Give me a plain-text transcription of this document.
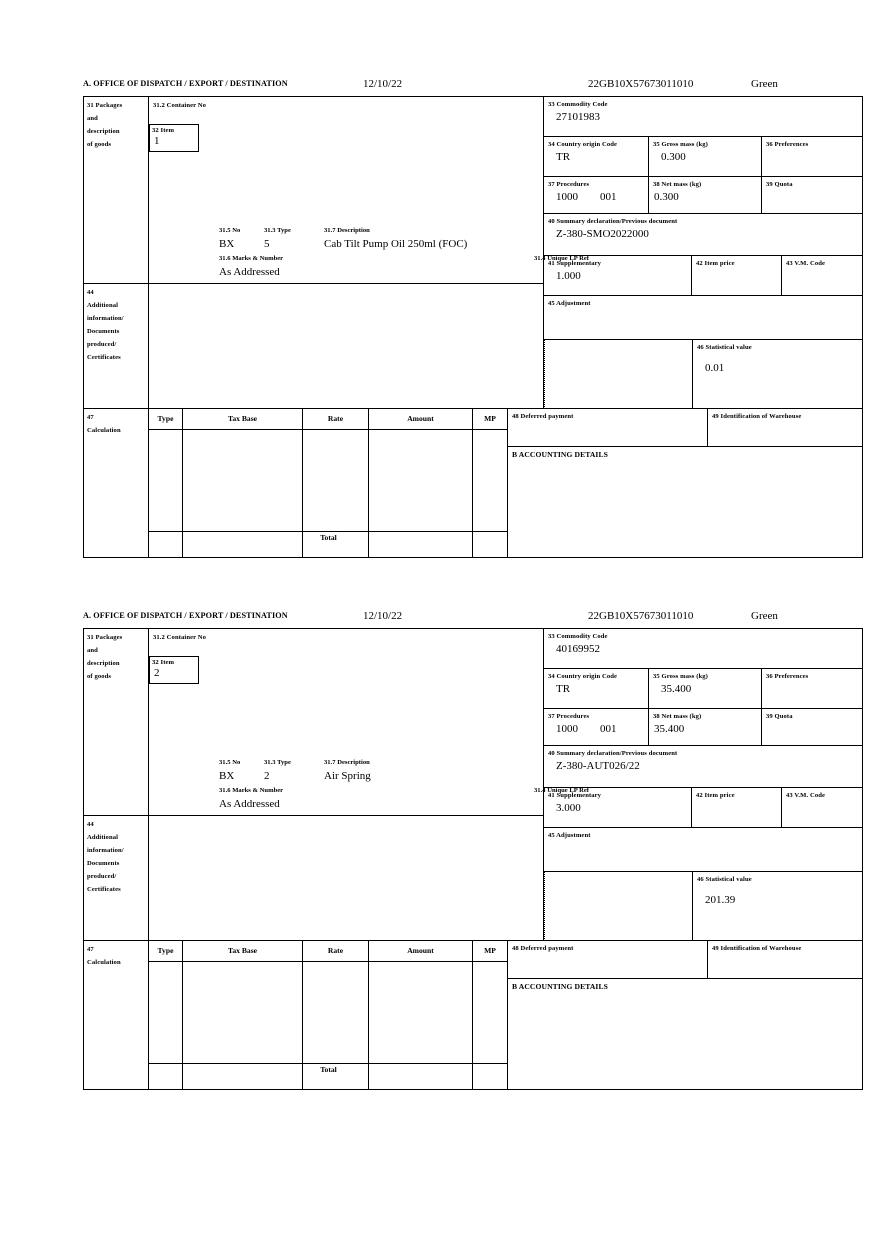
A. OFFICE OF DISPATCH / EXPORT / DESTINATION	12/10/22	22GB10X57673011010	Green
31 Packages
and
description
of goods
31.2 Container No
32 Item
1
31.5 No	31.3 Type	31.7 Description
BX	5	Cab Tilt Pump Oil 250ml (FOC)
31.6 Marks & Number	31.4 Unique LP Ref
As Addressed
33 Commodity Code
27101983
34 Country origin Code
TR
35 Gross mass (kg)
0.300
36 Preferences
37 Procedures
1000 001
38 Net mass (kg)
0.300
39 Quota
40 Summary declaration/Previous document
Z-380-SMO2022000
41 Supplementary
1.000
42 Item price	43 V.M. Code
45 Adjustment
46 Statistical value
0.01
44
Additional
information/
Documents
produced/
Certificates
47
Calculation
Type	Tax Base	Rate	Amount	MP
Total
48 Deferred payment	49 Identification of Warehouse
B ACCOUNTING DETAILS
A. OFFICE OF DISPATCH / EXPORT / DESTINATION	12/10/22	22GB10X57673011010	Green
31 Packages
and
description
of goods
31.2 Container No
32 Item
2
31.5 No	31.3 Type	31.7 Description
BX	2	Air Spring
31.6 Marks & Number	31.4 Unique LP Ref
As Addressed
33 Commodity Code
40169952
34 Country origin Code
TR
35 Gross mass (kg)
35.400
36 Preferences
37 Procedures
1000 001
38 Net mass (kg)
35.400
39 Quota
40 Summary declaration/Previous document
Z-380-AUT026/22
41 Supplementary
3.000
42 Item price	43 V.M. Code
45 Adjustment
46 Statistical value
201.39
44
Additional
information/
Documents
produced/
Certificates
47
Calculation
Type	Tax Base	Rate	Amount	MP
Total
48 Deferred payment	49 Identification of Warehouse
B ACCOUNTING DETAILS
